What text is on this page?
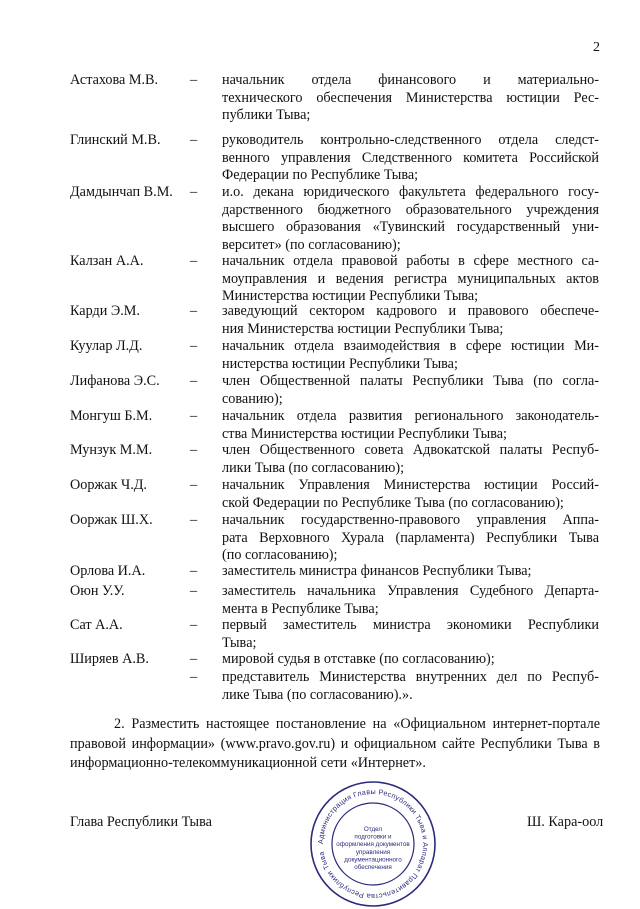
2
Астахова М.В. – начальник отдела финансового и материально-
технического обеспечения Министерства юстиции Рес-
публики Тыва;
Глинский М.В. – руководитель контрольно-следственного отдела следст-
венного управления Следственного комитета Российской
Федерации по Республике Тыва;
Дамдынчап В.М. – и.о. декана юридического факультета федерального госу-
дарственного бюджетного образовательного учреждения
высшего образования «Тувинский государственный уни-
верситет» (по согласованию);
Калзан А.А.	– начальник отдела правовой работы в сфере местного са-
моуправления и ведения регистра муниципальных актов
Министерства юстиции Республики Тыва;
Карди Э.М.	– заведующий сектором кадрового и правового обеспече-
ния Министерства юстиции Республики Тыва;
Куулар Л.Д.	– начальник отдела взаимодействия в сфере юстиции Ми-
нистерства юстиции Республики Тыва;
Лифанова Э.С. – член Общественной палаты Республики Тыва (по согла-
сованию);
Монгуш Б.М.	– начальник отдела развития регионального законодатель-
ства Министерства юстиции Республики Тыва;
Мунзук М.М.	– член Общественного совета Адвокатской палаты Респуб-
лики Тыва (по согласованию);
Ооржак Ч.Д.	– начальник Управления Министерства юстиции Россий-
ской Федерации по Республике Тыва (по согласованию);
Ооржак Ш.Х.	– начальник государственно-правового управления Аппа-
рата Верховного Хурала (парламента) Республики Тыва
(по согласованию);
Орлова И.А.	– заместитель министра финансов Республики Тыва;
Оюн У.У.	– заместитель начальника Управления Судебного Департа-
мента в Республике Тыва;
Сат А.А.	– первый заместитель министра экономики Республики
Тывa;
Ширяев А.В.	– мировой судья в отставке (по согласованию);
– представитель Министерства внутренних дел по Респуб-
лике Тыва (по согласованию).».
2. Разместить настоящее постановление на «Официальном интернет-портале правовой информации» (www.pravo.gov.ru) и официальном сайте Республики Тыва в информационно-телекоммуникационной сети «Интернет».
Глава Республики Тыва	Ш. Кара-оол
Администрация Главы Республики Тыва и Аппарат Правительства Республики Тыва
Отдел
подготовки и
оформления документов
управления
документационного
обеспечения
